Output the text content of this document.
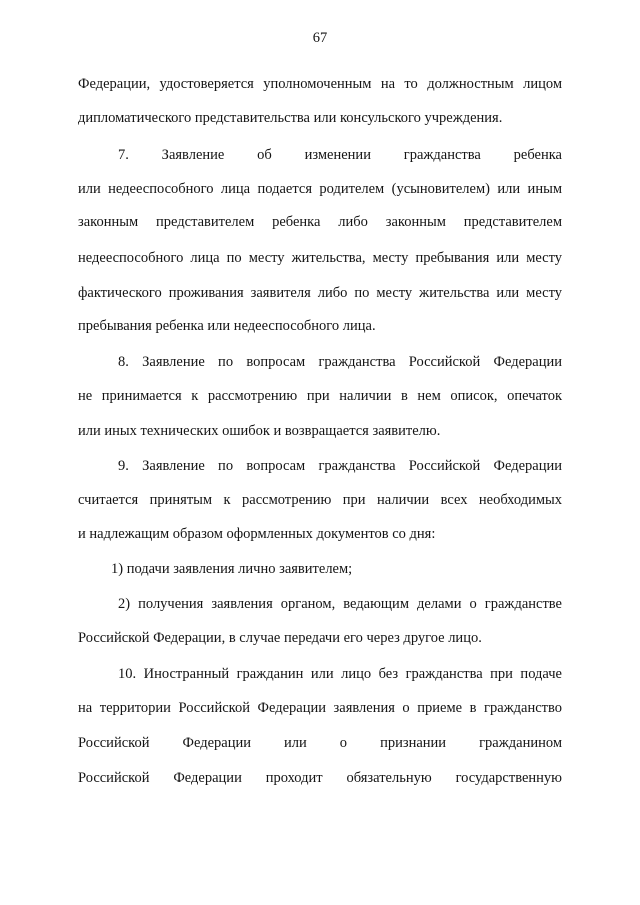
67
Федерации, удостоверяется уполномоченным на то должностным лицом
дипломатического представительства или консульского учреждения.
7. Заявление об изменении гражданства ребенка
или недееспособного лица подается родителем (усыновителем) или иным
законным представителем ребенка либо законным представителем
недееспособного лица по месту жительства, месту пребывания или месту
фактического проживания заявителя либо по месту жительства или месту
пребывания ребенка или недееспособного лица.
8. Заявление по вопросам гражданства Российской Федерации
не принимается к рассмотрению при наличии в нем описок, опечаток
или иных технических ошибок и возвращается заявителю.
9. Заявление по вопросам гражданства Российской Федерации
считается принятым к рассмотрению при наличии всех необходимых
и надлежащим образом оформленных документов со дня:
1) подачи заявления лично заявителем;
2) получения заявления органом, ведающим делами о гражданстве
Российской Федерации, в случае передачи его через другое лицо.
10. Иностранный гражданин или лицо без гражданства при подаче
на территории Российской Федерации заявления о приеме в гражданство
Российской Федерации или о признании гражданином
Российской Федерации проходит обязательную государственную
